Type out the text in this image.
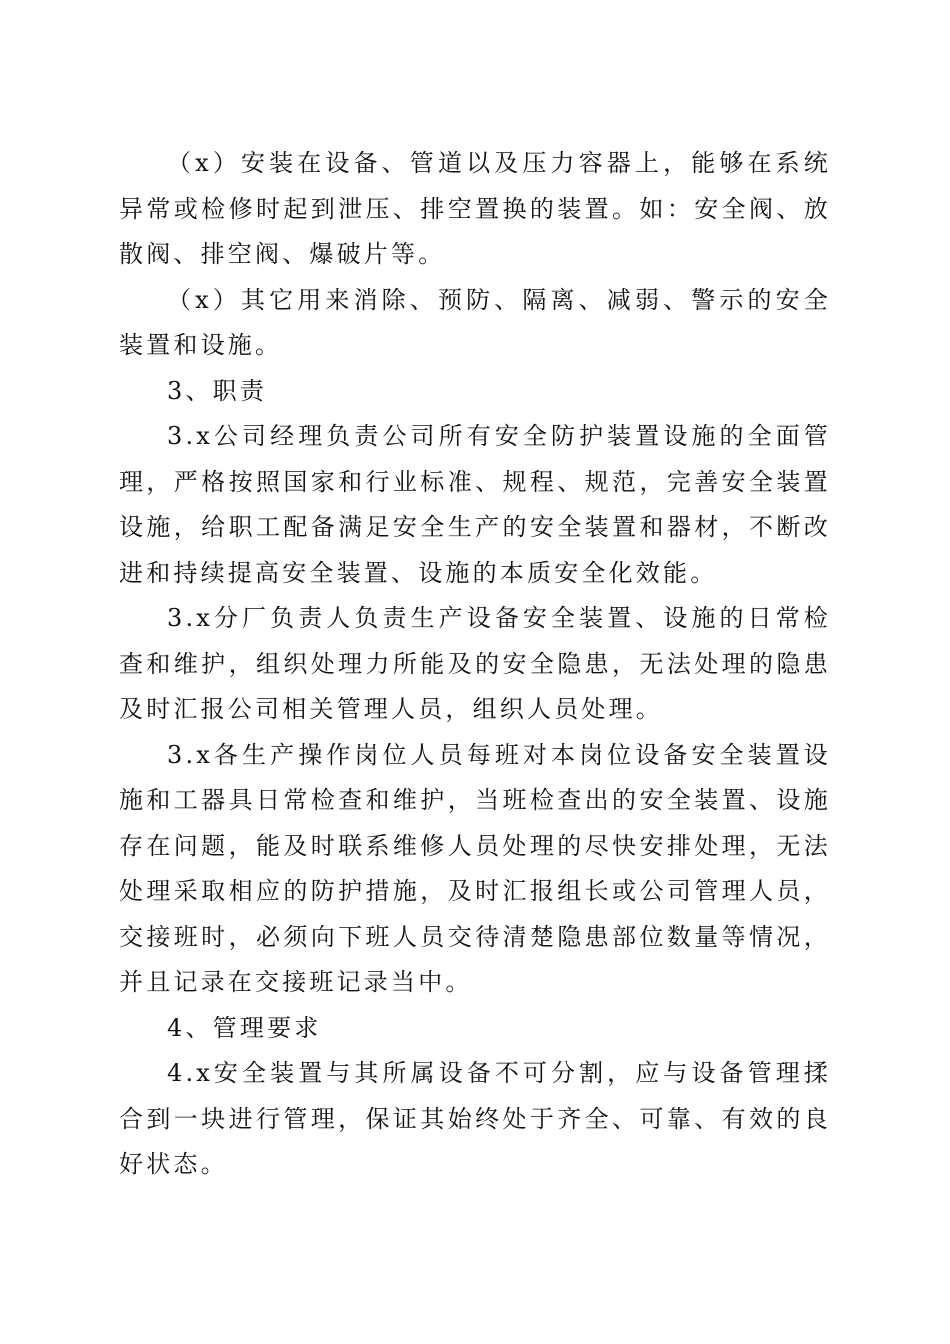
（x）安装在设备、管道以及压力容器上，能够在系统异常或检修时起到泄压、排空置换的装置。如：安全阀、放散阀、排空阀、爆破片等。

（x）其它用来消除、预防、隔离、减弱、警示的安全装置和设施。

3、职责

3.x公司经理负责公司所有安全防护装置设施的全面管理，严格按照国家和行业标准、规程、规范，完善安全装置设施，给职工配备满足安全生产的安全装置和器材，不断改进和持续提高安全装置、设施的本质安全化效能。

3.x分厂负责人负责生产设备安全装置、设施的日常检查和维护，组织处理力所能及的安全隐患，无法处理的隐患及时汇报公司相关管理人员，组织人员处理。

3.x各生产操作岗位人员每班对本岗位设备安全装置设施和工器具日常检查和维护，当班检查出的安全装置、设施存在问题，能及时联系维修人员处理的尽快安排处理，无法处理采取相应的防护措施，及时汇报组长或公司管理人员，交接班时，必须向下班人员交待清楚隐患部位数量等情况，并且记录在交接班记录当中。

4、管理要求

4.x安全装置与其所属设备不可分割，应与设备管理揉合到一块进行管理，保证其始终处于齐全、可靠、有效的良好状态。
